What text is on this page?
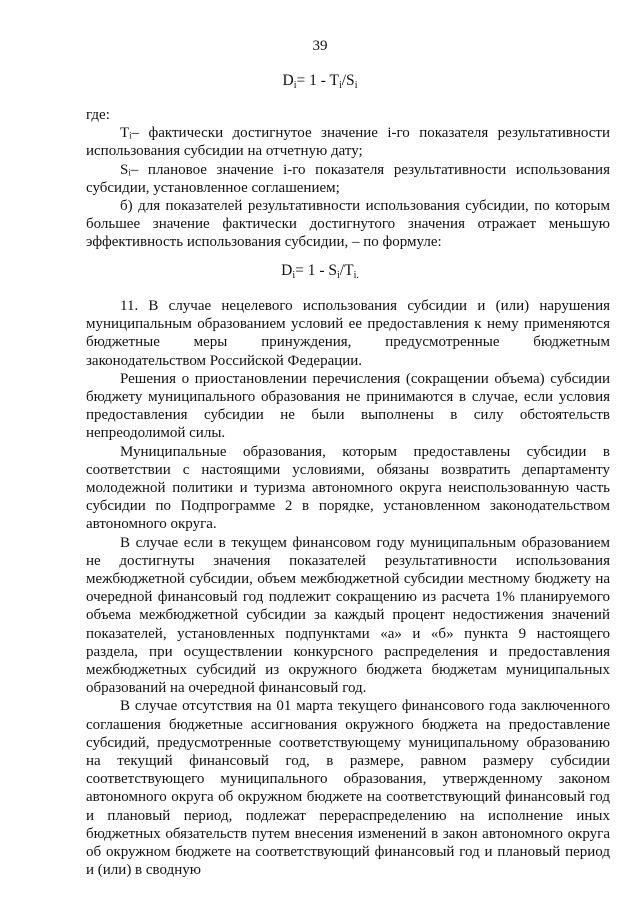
39
$D_i= 1 - T_i/S_i$

где:

Tᵢ– фактически достигнутое значение i-го показателя результативности использования субсидии на отчетную дату;

Sᵢ– плановое значение i-го показателя результативности использования субсидии, установленное соглашением;

б) для показателей результативности использования субсидии, по которым большее значение фактически достигнутого значения отражает меньшую эффективность использования субсидии, – по формуле:

$D_i= 1 - S_i/T_{i.}$

11. В случае нецелевого использования субсидии и (или) нарушения муниципальным образованием условий ее предоставления к нему применяются бюджетные меры принуждения, предусмотренные бюджетным законодательством Российской Федерации.

Решения о приостановлении перечисления (сокращении объема) субсидии бюджету муниципального образования не принимаются в случае, если условия предоставления субсидии не были выполнены в силу обстоятельств непреодолимой силы.

Муниципальные образования, которым предоставлены субсидии в соответствии с настоящими условиями, обязаны возвратить департаменту молодежной политики и туризма автономного округа неиспользованную часть субсидии по Подпрограмме 2 в порядке, установленном законодательством автономного округа.

В случае если в текущем финансовом году муниципальным образованием не достигнуты значения показателей результативности использования межбюджетной субсидии, объем межбюджетной субсидии местному бюджету на очередной финансовый год подлежит сокращению из расчета 1% планируемого объема межбюджетной субсидии за каждый процент недостижения значений показателей, установленных подпунктами «а» и «б» пункта 9 настоящего раздела, при осуществлении конкурсного распределения и предоставления межбюджетных субсидий из окружного бюджета бюджетам муниципальных образований на очередной финансовый год.

В случае отсутствия на 01 марта текущего финансового года заключенного соглашения бюджетные ассигнования окружного бюджета на предоставление субсидий, предусмотренные соответствующему муниципальному образованию на текущий финансовый год, в размере, равном размеру субсидии соответствующего муниципального образования, утвержденному законом автономного округа об окружном бюджете на соответствующий финансовый год и плановый период, подлежат перераспределению на исполнение иных бюджетных обязательств путем внесения изменений в закон автономного округа об окружном бюджете на соответствующий финансовый год и плановый период и (или) в сводную
